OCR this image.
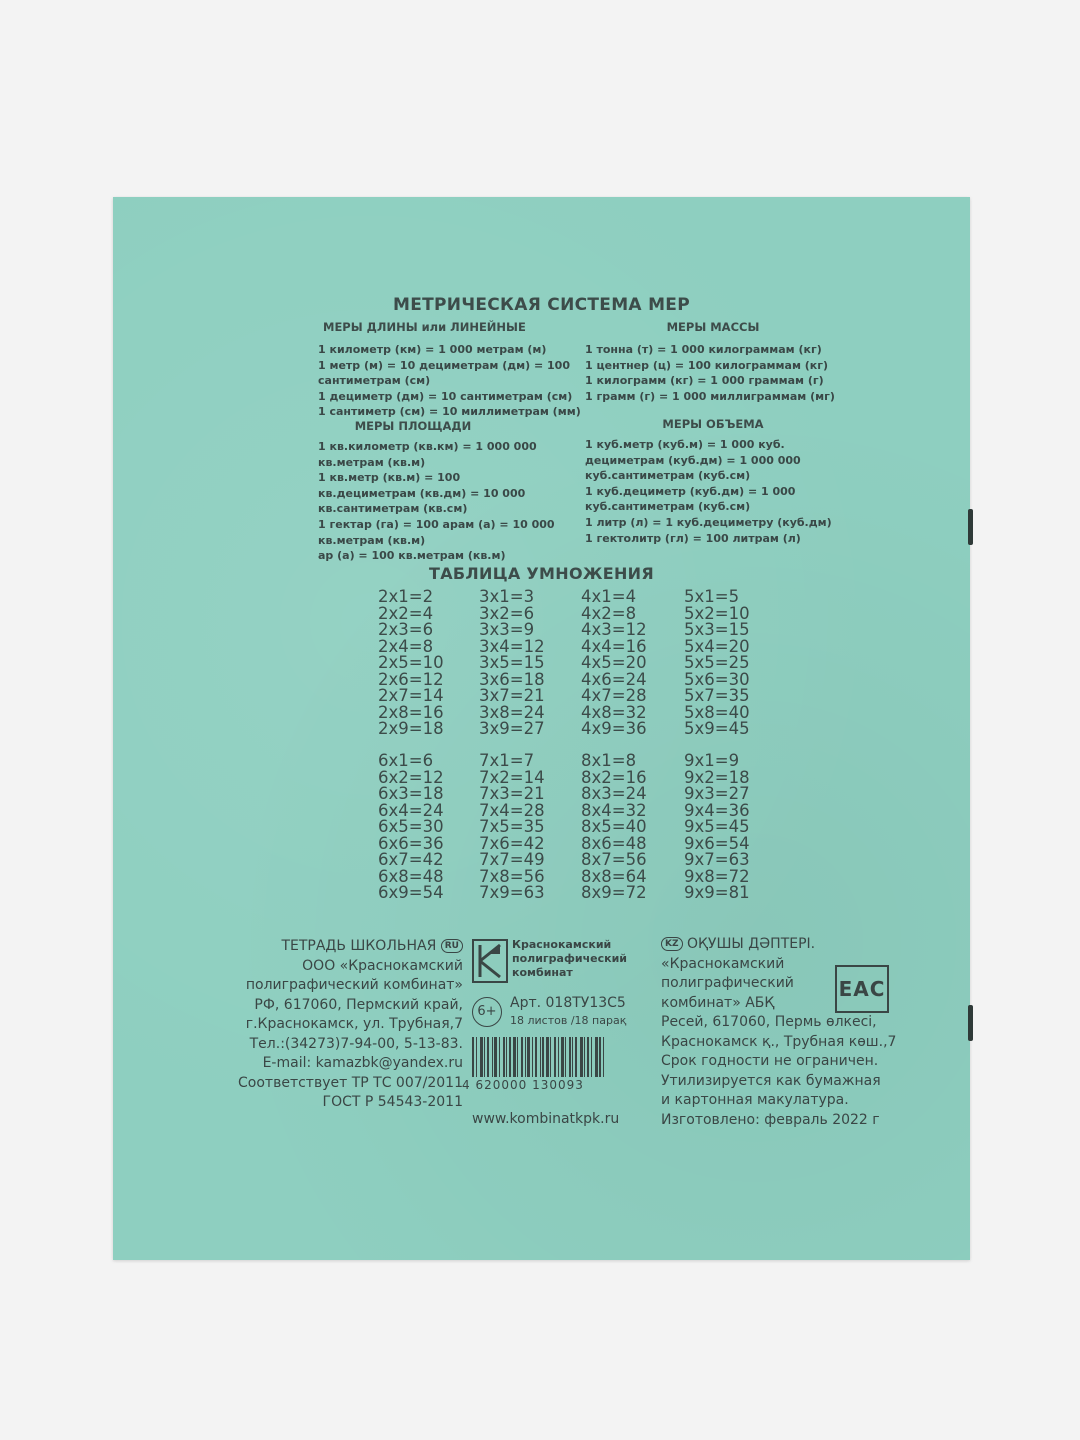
МЕТРИЧЕСКАЯ СИСТЕМА МЕР
МЕРЫ ДЛИНЫ или ЛИНЕЙНЫЕ
1 километр (км) = 1 000 метрам (м)
1 метр (м) = 10 дециметрам (дм) = 100
сантиметрам (см)
1 дециметр (дм) = 10 сантиметрам (см)
1 сантиметр (см) = 10 миллиметрам (мм)
МЕРЫ МАССЫ
1 тонна (т) = 1 000 килограммам (кг)
1 центнер (ц) = 100 килограммам (кг)
1 килограмм (кг) = 1 000 граммам (г)
1 грамм (г) = 1 000 миллиграммам (мг)
МЕРЫ ПЛОЩАДИ
1 кв.километр (кв.км) = 1 000 000
кв.метрам (кв.м)
1 кв.метр (кв.м) = 100
кв.дециметрам (кв.дм) = 10 000
кв.сантиметрам (кв.см)
1 гектар (га) = 100 арам (а) = 10 000
кв.метрам (кв.м)
ар (а) = 100 кв.метрам (кв.м)
МЕРЫ ОБЪЕМА
1 куб.метр (куб.м) = 1 000 куб.
дециметрам (куб.дм) = 1 000 000
куб.сантиметрам (куб.см)
1 куб.дециметр (куб.дм) = 1 000
куб.сантиметрам (куб.см)
1 литр (л) = 1 куб.дециметру (куб.дм)
1 гектолитр (гл) = 100 литрам (л)
ТАБЛИЦА УМНОЖЕНИЯ
2x1=2
2x2=4
2x3=6
2x4=8
2x5=10
2x6=12
2x7=14
2x8=16
2x9=18
3x1=3
3x2=6
3x3=9
3x4=12
3x5=15
3x6=18
3x7=21
3x8=24
3x9=27
4x1=4
4x2=8
4x3=12
4x4=16
4x5=20
4x6=24
4x7=28
4x8=32
4x9=36
5x1=5
5x2=10
5x3=15
5x4=20
5x5=25
5x6=30
5x7=35
5x8=40
5x9=45
6x1=6
6x2=12
6x3=18
6x4=24
6x5=30
6x6=36
6x7=42
6x8=48
6x9=54
7x1=7
7x2=14
7x3=21
7x4=28
7x5=35
7x6=42
7x7=49
7x8=56
7x9=63
8x1=8
8x2=16
8x3=24
8x4=32
8x5=40
8x6=48
8x7=56
8x8=64
8x9=72
9x1=9
9x2=18
9x3=27
9x4=36
9x5=45
9x6=54
9x7=63
9x8=72
9x9=81
ТЕТРАДЬ ШКОЛЬНАЯ RU
ООО «Краснокамский
полиграфический комбинат»
РФ, 617060, Пермский край,
г.Краснокамск, ул. Трубная,7
Тел.:(34273)7-94-00, 5-13-83.
E-mail: kamazbk@yandex.ru
Соответствует ТР ТС 007/2011
ГОСТ Р 54543-2011
Краснокамский
полиграфический
комбинат
6+
Арт. 018ТУ13С5
18 листов /18 парақ
4 620000 130093
www.kombinatkpk.ru
KZ ОҚУШЫ ДӘПТЕРІ.
«Краснокамский
полиграфический
комбинат» АБҚ
Ресей, 617060, Пермь өлкесі,
Краснокамск қ., Трубная көш.,7
Срок годности не ограничен.
Утилизируется как бумажная
и картонная макулатура.
Изготовлено: февраль 2022 г
EAC
